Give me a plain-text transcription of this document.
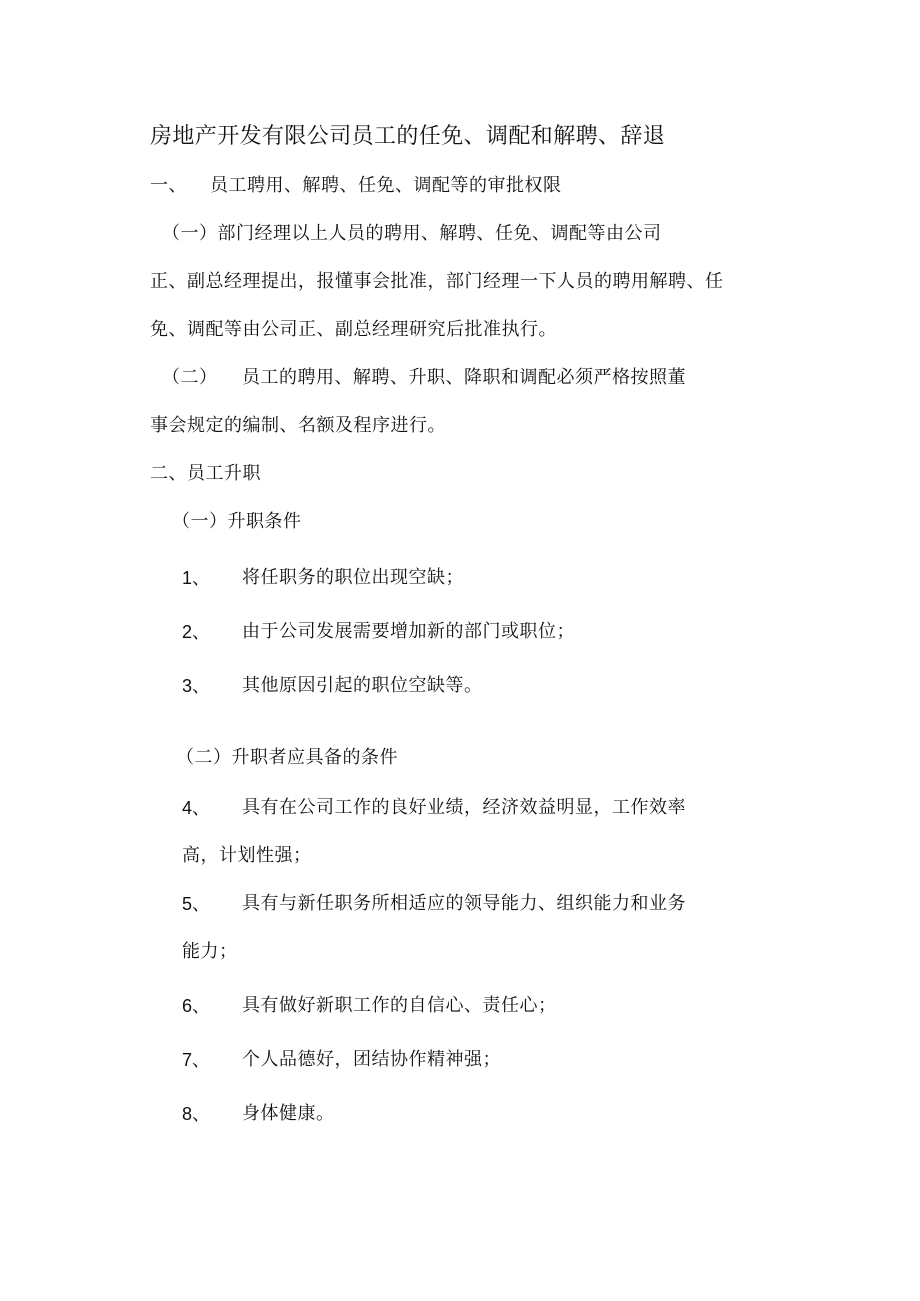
房地产开发有限公司员工的任免、调配和解聘、辞退
一、 员工聘用、解聘、任免、调配等的审批权限
（一）部门经理以上人员的聘用、解聘、任免、调配等由公司
正、副总经理提出，报懂事会批准，部门经理一下人员的聘用解聘、任
免、调配等由公司正、副总经理研究后批准执行。
（二） 员工的聘用、解聘、升职、降职和调配必须严格按照董
事会规定的编制、名额及程序进行。
二、员工升职
（一）升职条件
1、 将任职务的职位出现空缺；
2、 由于公司发展需要增加新的部门或职位；
3、 其他原因引起的职位空缺等。
（二）升职者应具备的条件
4、 具有在公司工作的良好业绩，经济效益明显，工作效率
高，计划性强；
5、 具有与新任职务所相适应的领导能力、组织能力和业务
能力；
6、 具有做好新职工作的自信心、责任心；
7、 个人品德好，团结协作精神强；
8、 身体健康。
